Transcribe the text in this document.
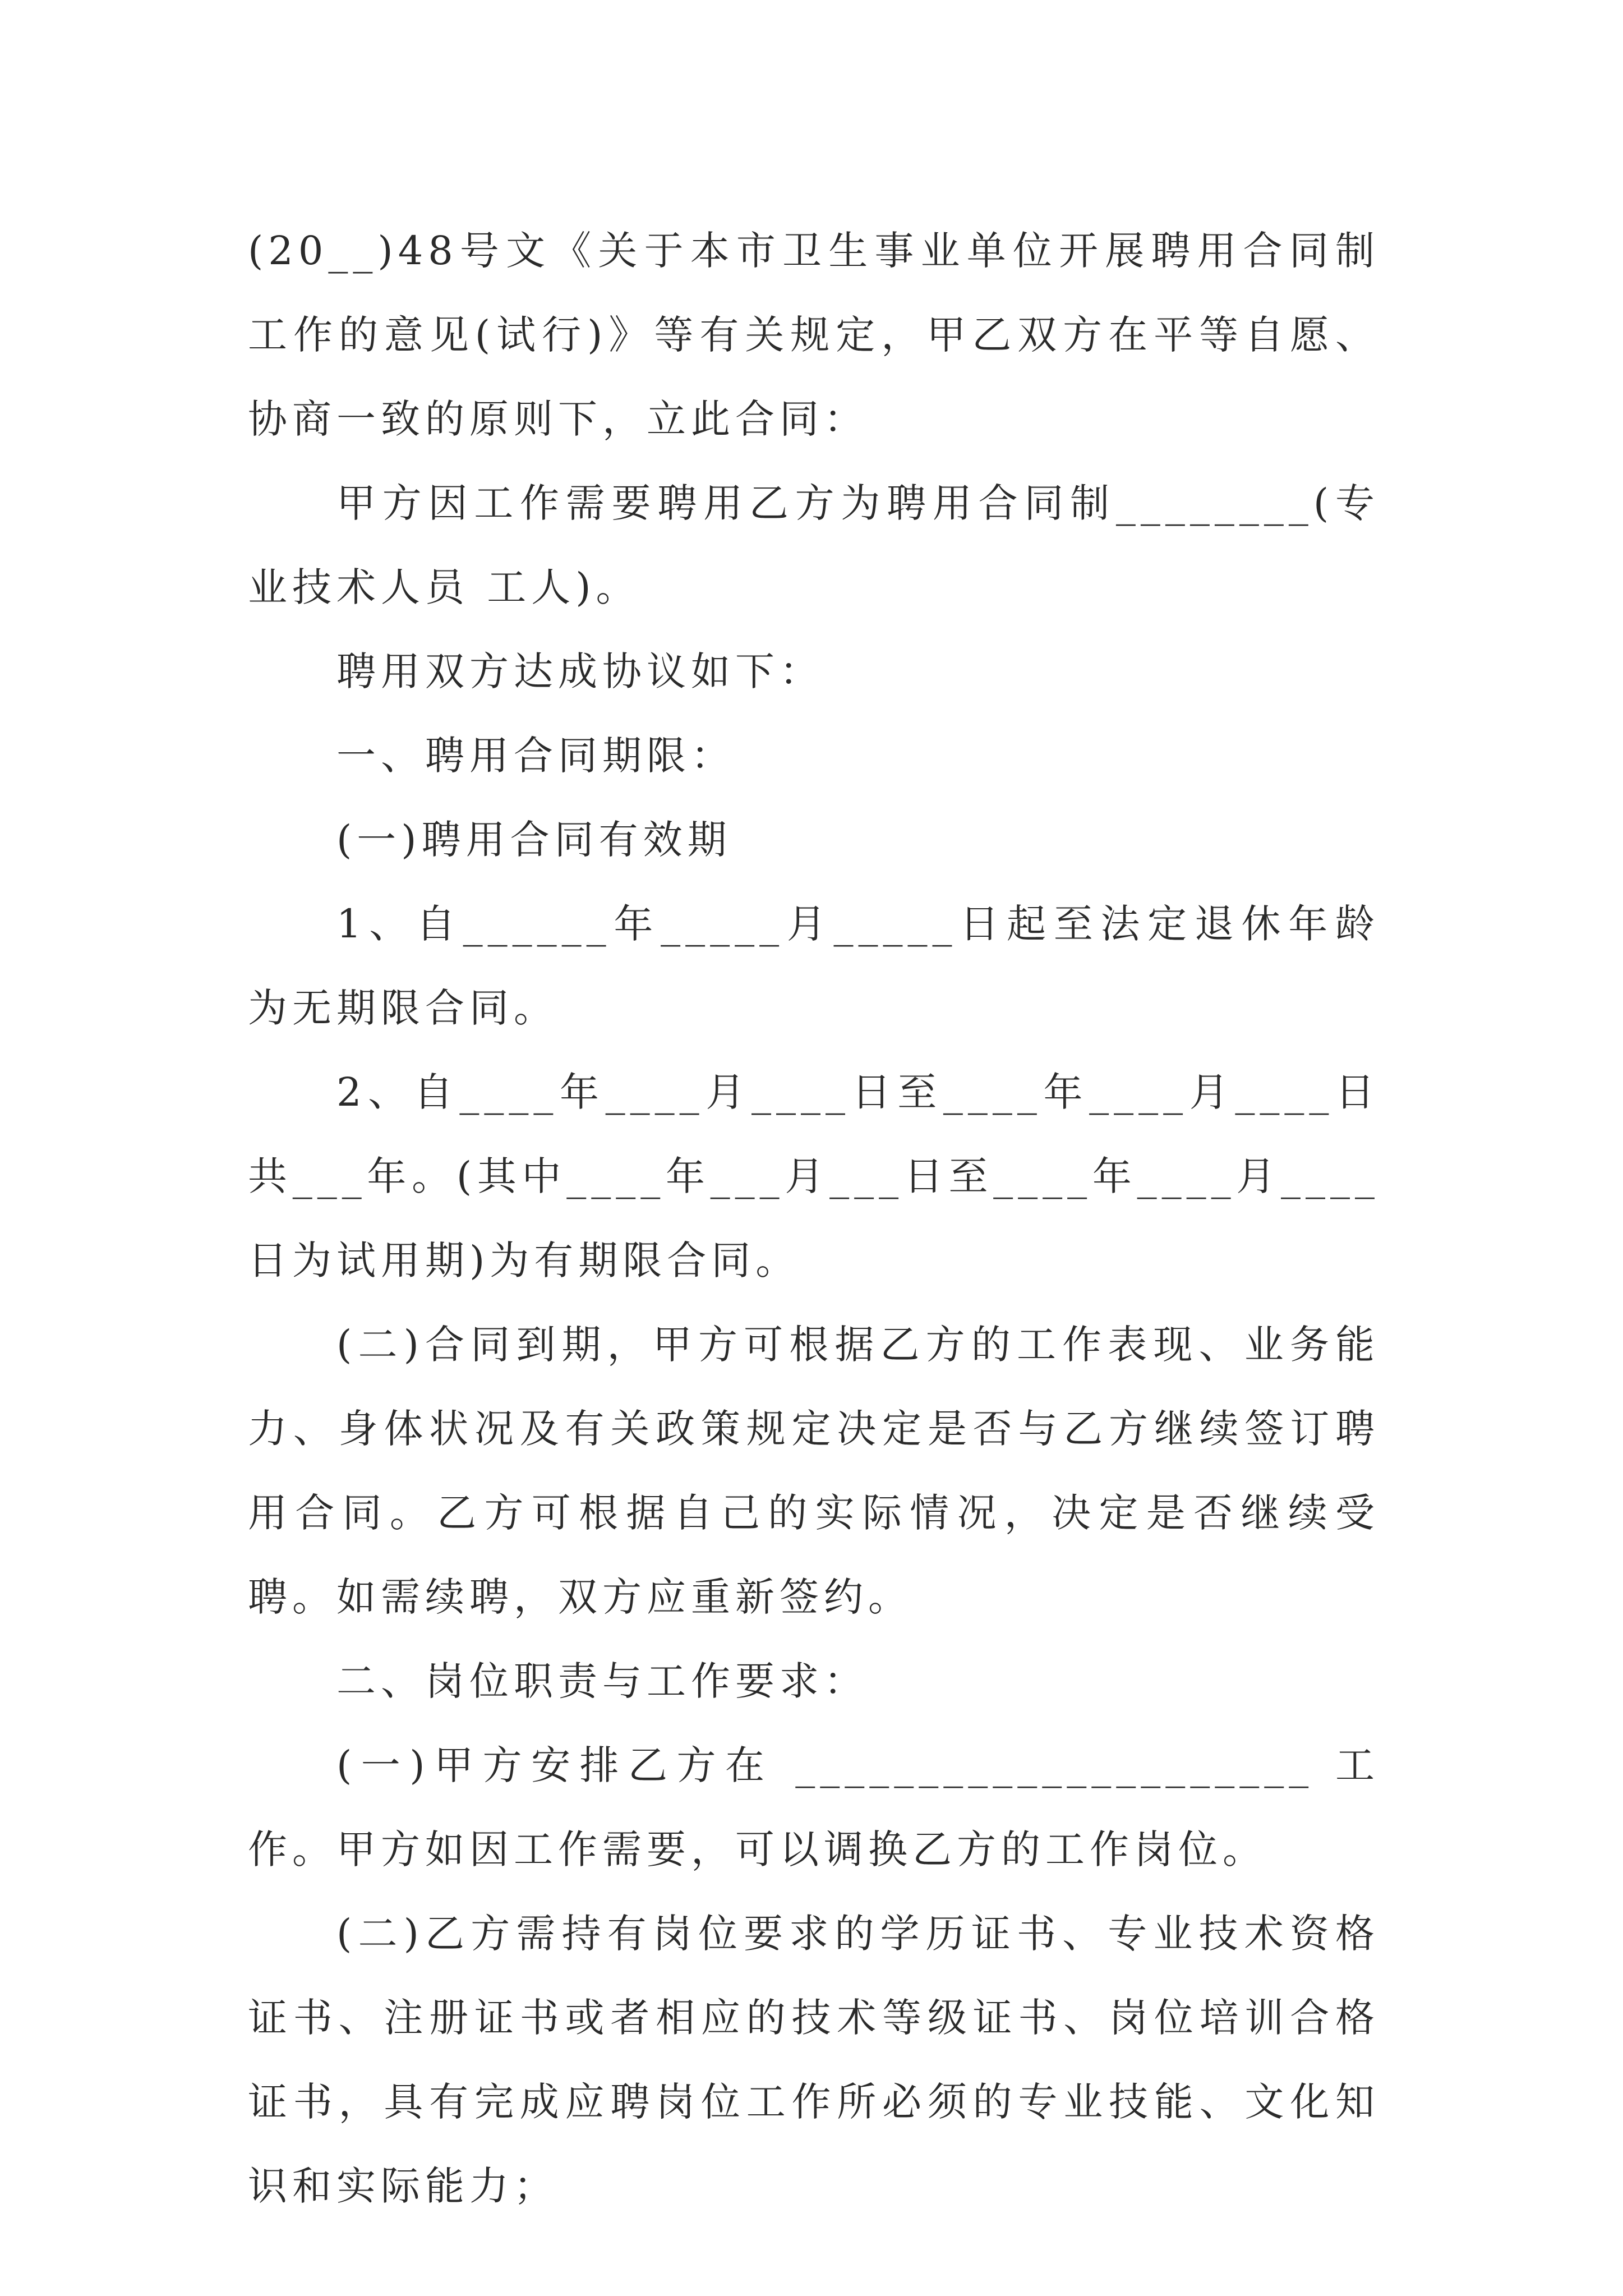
(20__)48号文《关于本市卫生事业单位开展聘用合同制工作的意见(试行)》等有关规定，甲乙双方在平等自愿、协商一致的原则下，立此合同：

甲方因工作需要聘用乙方为聘用合同制________(专业技术人员 工人)。

聘用双方达成协议如下：

一、聘用合同期限：

(一)聘用合同有效期

1、自______年_____月_____日起至法定退休年龄为无期限合同。

2、自____年____月____日至____年____月____日共___年。(其中____年___月___日至____年____月____日为试用期)为有期限合同。

(二)合同到期，甲方可根据乙方的工作表现、业务能力、身体状况及有关政策规定决定是否与乙方继续签订聘用合同。乙方可根据自己的实际情况，决定是否继续受聘。如需续聘，双方应重新签约。

二、岗位职责与工作要求：

(一)甲方安排乙方在 _____________________ 工作。甲方如因工作需要，可以调换乙方的工作岗位。

(二)乙方需持有岗位要求的学历证书、专业技术资格证书、注册证书或者相应的技术等级证书、岗位培训合格证书，具有完成应聘岗位工作所必须的专业技能、文化知识和实际能力；
